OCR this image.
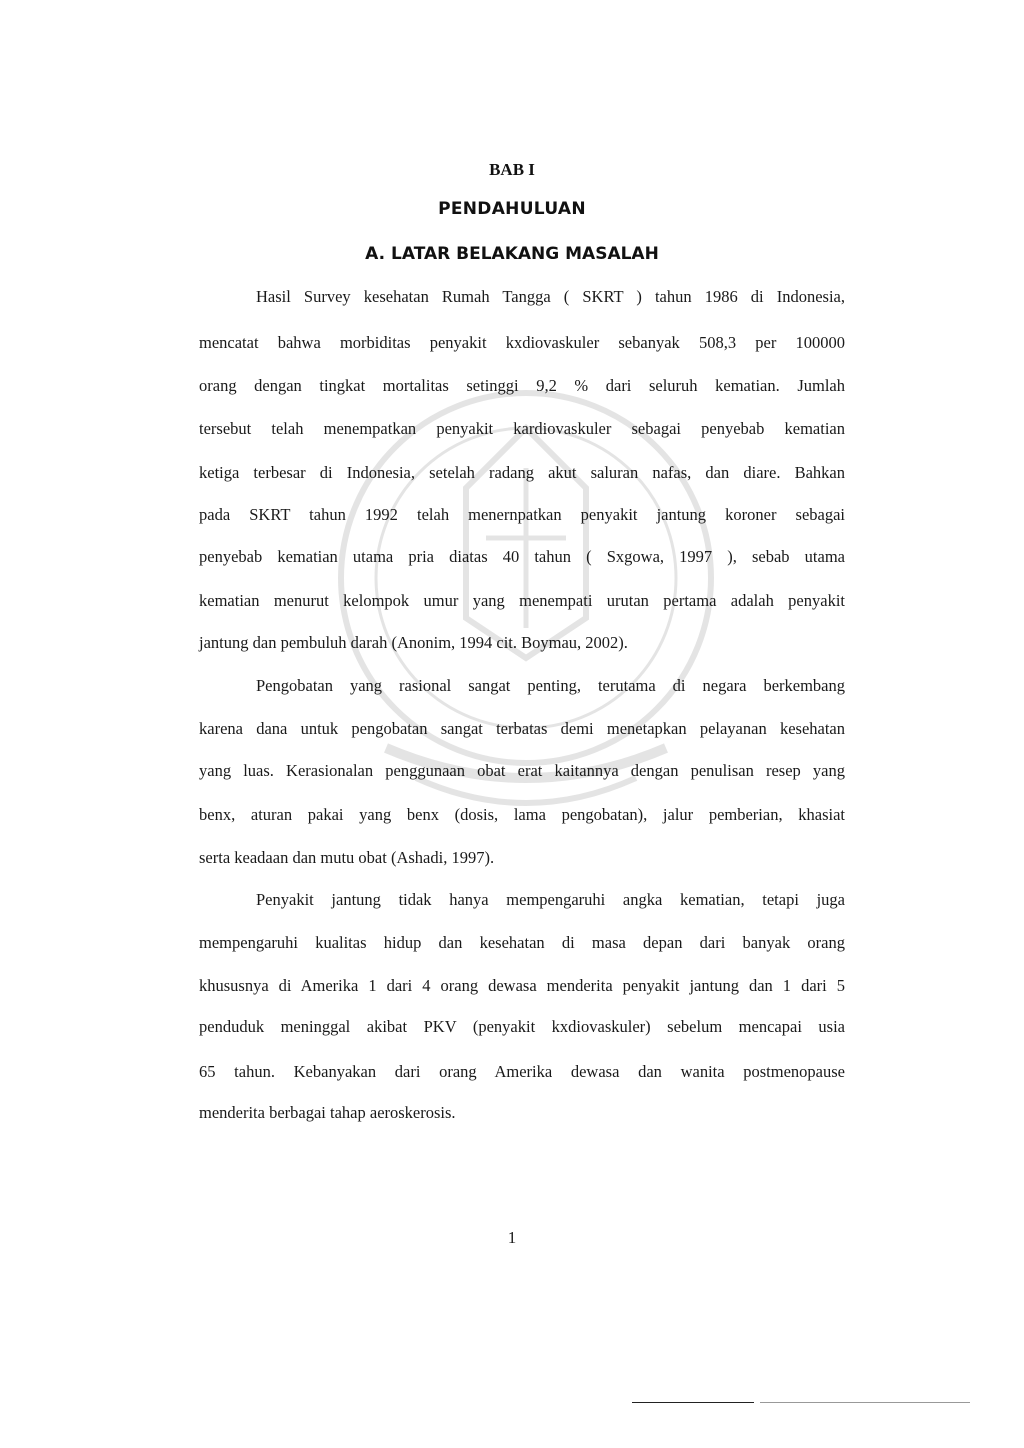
BAB I
PENDAHULUAN
A. LATAR BELAKANG MASALAH
Hasil Survey kesehatan Rumah Tangga ( SKRT ) tahun 1986 di Indonesia,
mencatat bahwa morbiditas penyakit kxdiovaskuler sebanyak 508,3 per 100000
orang dengan tingkat mortalitas setinggi 9,2 % dari seluruh kematian. Jumlah
tersebut telah menempatkan penyakit kardiovaskuler sebagai penyebab kematian
ketiga terbesar di Indonesia, setelah radang akut saluran nafas, dan diare. Bahkan
pada SKRT tahun 1992 telah menernpatkan penyakit jantung koroner sebagai
penyebab kematian utama pria diatas 40 tahun ( Sxgowa, 1997 ), sebab utama
kematian menurut kelompok umur yang menempati urutan pertama adalah penyakit
jantung dan pembuluh darah (Anonim, 1994 cit. Boymau, 2002).
Pengobatan yang rasional sangat penting, terutama di negara berkembang
karena dana untuk pengobatan sangat terbatas demi menetapkan pelayanan kesehatan
yang luas. Kerasionalan penggunaan obat erat kaitannya dengan penulisan resep yang
benx, aturan pakai yang benx (dosis, lama pengobatan), jalur pemberian, khasiat
serta keadaan dan mutu obat (Ashadi, 1997).
Penyakit jantung tidak hanya mempengaruhi angka kematian, tetapi juga
mempengaruhi kualitas hidup dan kesehatan di masa depan dari banyak orang
khususnya di Amerika 1 dari 4 orang dewasa menderita penyakit jantung dan 1 dari 5
penduduk meninggal akibat PKV (penyakit kxdiovaskuler) sebelum mencapai usia
65 tahun. Kebanyakan dari orang Amerika dewasa dan wanita postmenopause
menderita berbagai tahap aeroskerosis.
1
